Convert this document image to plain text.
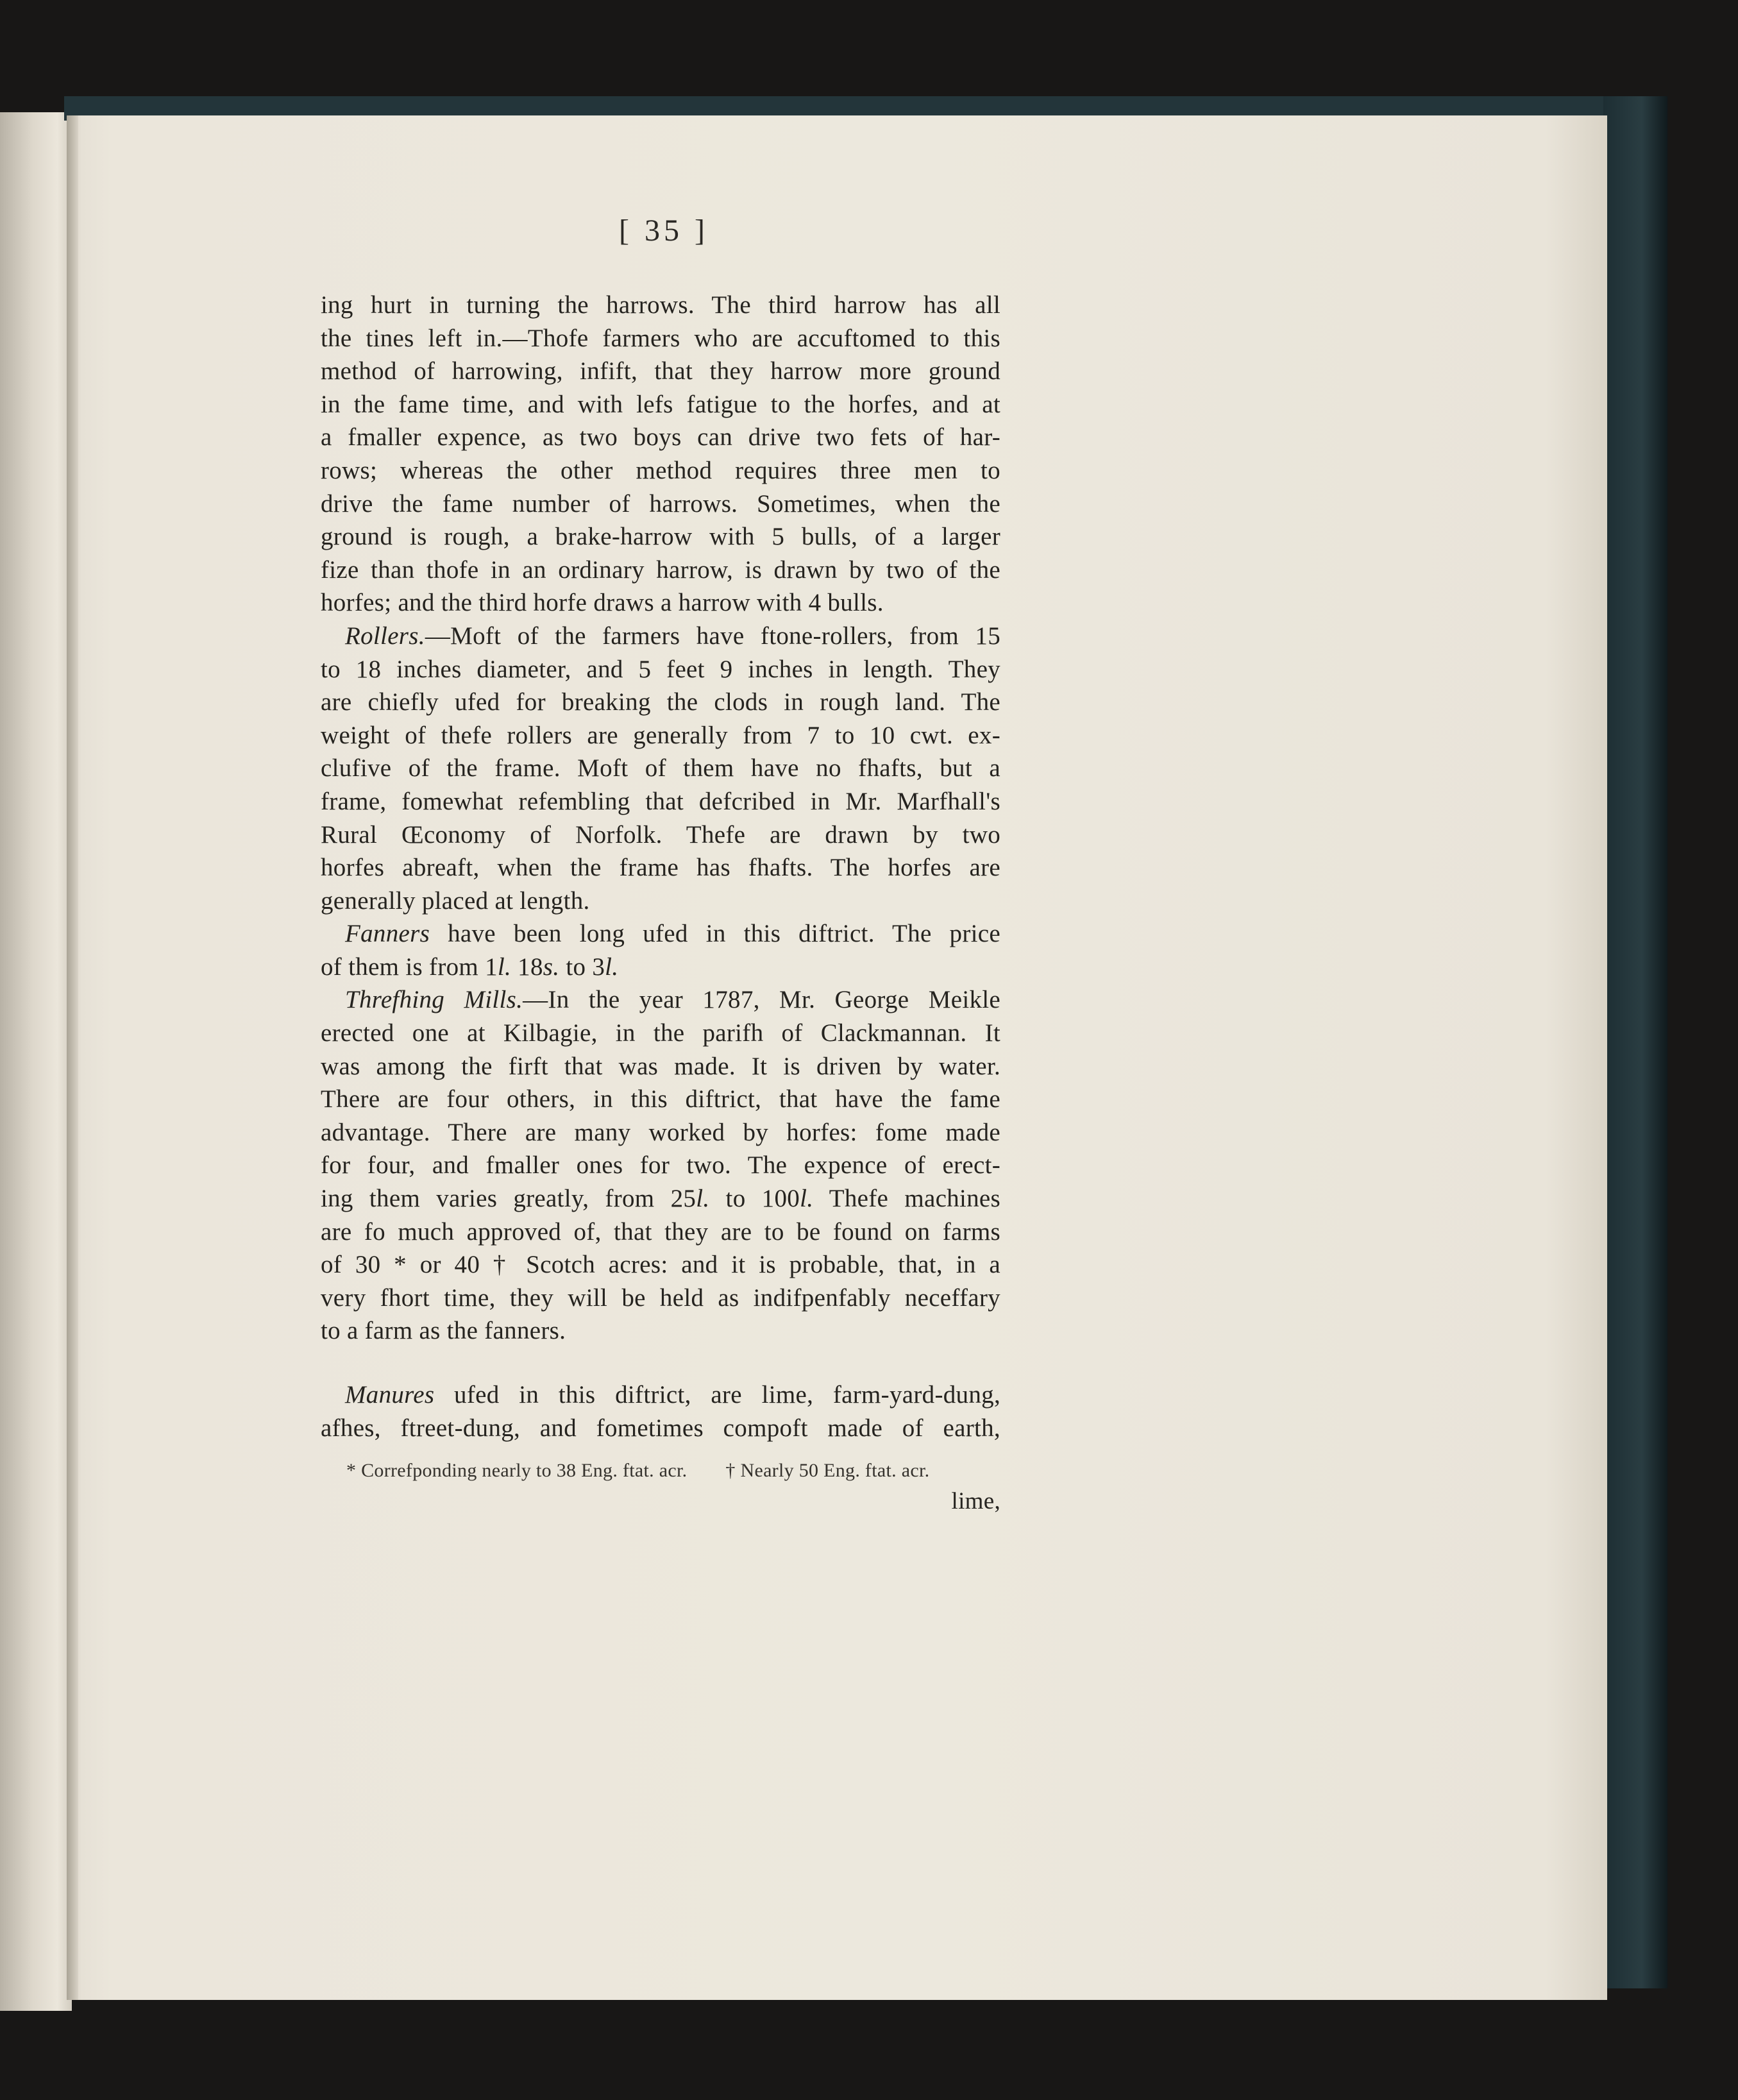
[ 35 ]
ing hurt in turning the harrows. The third harrow has all
the tines left in.—Thofe farmers who are accuftomed to this
method of harrowing, infift, that they harrow more ground
in the fame time, and with lefs fatigue to the horfes, and at
a fmaller expence, as two boys can drive two fets of har-
rows; whereas the other method requires three men to
drive the fame number of harrows. Sometimes, when the
ground is rough, a brake-harrow with 5 bulls, of a larger
fize than thofe in an ordinary harrow, is drawn by two of the
horfes; and the third horfe draws a harrow with 4 bulls.
Rollers.—Moft of the farmers have ftone-rollers, from 15
to 18 inches diameter, and 5 feet 9 inches in length. They
are chiefly ufed for breaking the clods in rough land. The
weight of thefe rollers are generally from 7 to 10 cwt. ex-
clufive of the frame. Moft of them have no fhafts, but a
frame, fomewhat refembling that defcribed in Mr. Marfhall's
Rural Œconomy of Norfolk. Thefe are drawn by two
horfes abreaft, when the frame has fhafts. The horfes are
generally placed at length.
Fanners have been long ufed in this diftrict. The price
of them is from 1l. 18s. to 3l.
Threfhing Mills.—In the year 1787, Mr. George Meikle
erected one at Kilbagie, in the parifh of Clackmannan. It
was among the firft that was made. It is driven by water.
There are four others, in this diftrict, that have the fame
advantage. There are many worked by horfes: fome made
for four, and fmaller ones for two. The expence of erect-
ing them varies greatly, from 25l. to 100l. Thefe machines
are fo much approved of, that they are to be found on farms
of 30 * or 40 † Scotch acres: and it is probable, that, in a
very fhort time, they will be held as indifpenfably neceffary
to a farm as the fanners.
Manures ufed in this diftrict, are lime, farm-yard-dung,
afhes, ftreet-dung, and fometimes compoft made of earth,
* Correfponding nearly to 38 Eng. ftat. acr. † Nearly 50 Eng. ftat. acr.
lime,
